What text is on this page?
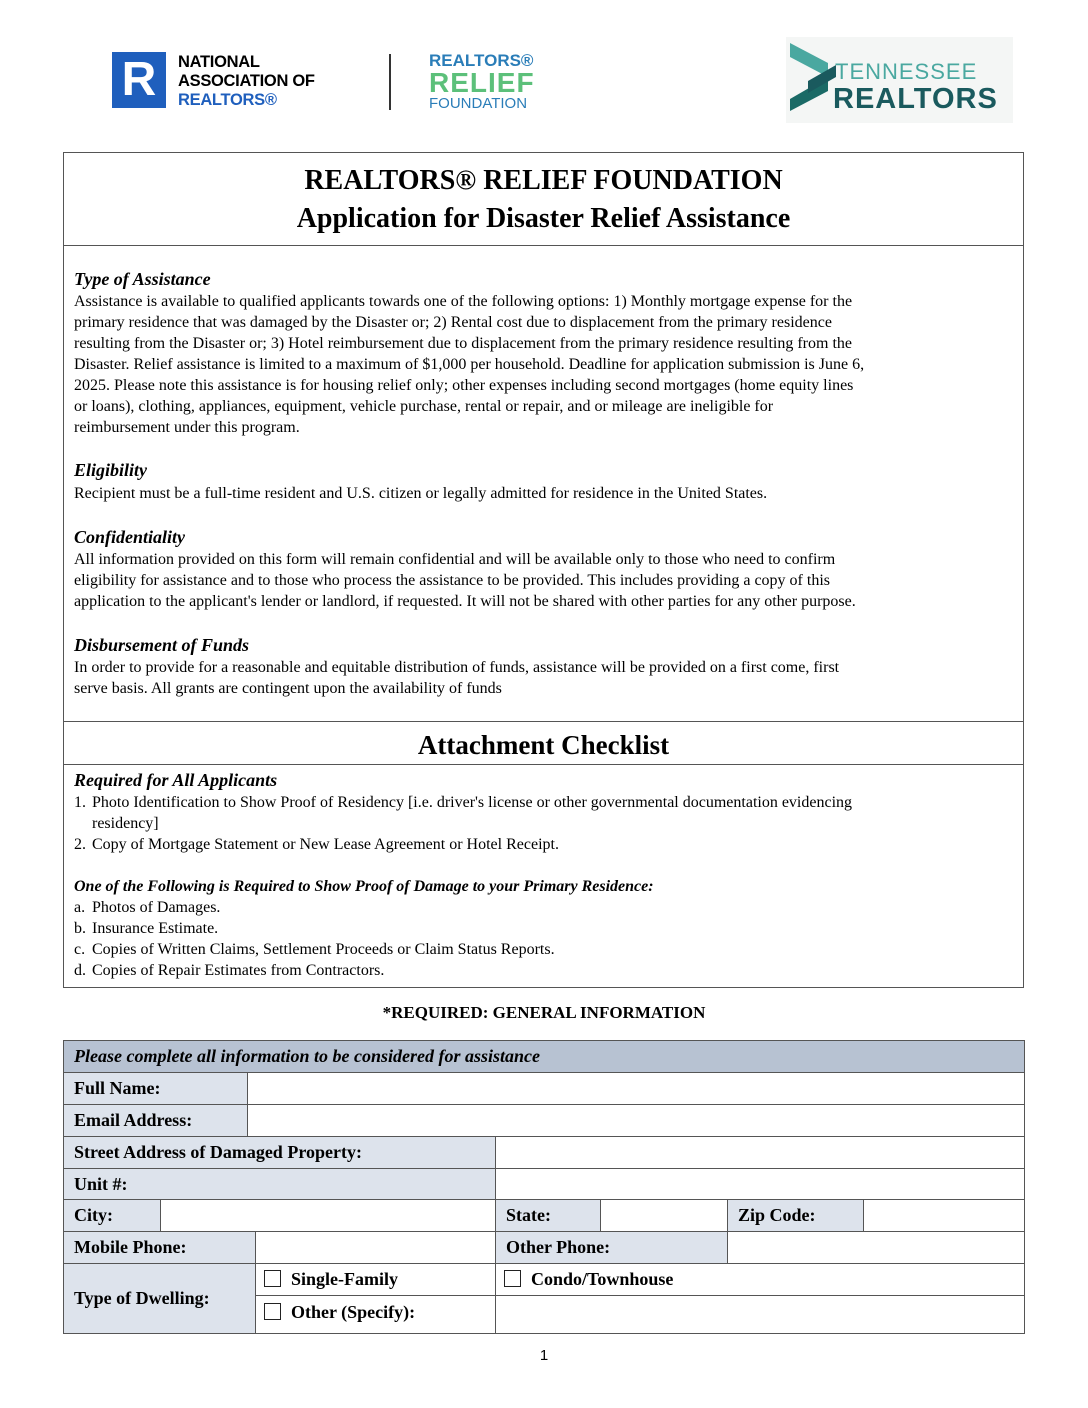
R	NATIONAL
ASSOCIATION OF
REALTORS®
REALTORS®
RELIEF
FOUNDATION
TENNESSEE
REALTORS
REALTORS® RELIEF FOUNDATION
Application for Disaster Relief Assistance
Type of Assistance
Assistance is available to qualified applicants towards one of the following options: 1) Monthly mortgage expense for the
primary residence that was damaged by the Disaster or; 2) Rental cost due to displacement from the primary residence
resulting from the Disaster or; 3) Hotel reimbursement due to displacement from the primary residence resulting from the
Disaster. Relief assistance is limited to a maximum of $1,000 per household. Deadline for application submission is June 6,
2025. Please note this assistance is for housing relief only; other expenses including second mortgages (home equity lines
or loans), clothing, appliances, equipment, vehicle purchase, rental or repair, and or mileage are ineligible for
reimbursement under this program.
Eligibility
Recipient must be a full-time resident and U.S. citizen or legally admitted for residence in the United States.
Confidentiality
All information provided on this form will remain confidential and will be available only to those who need to confirm
eligibility for assistance and to those who process the assistance to be provided. This includes providing a copy of this
application to the applicant's lender or landlord, if requested. It will not be shared with other parties for any other purpose.
Disbursement of Funds
In order to provide for a reasonable and equitable distribution of funds, assistance will be provided on a first come, first
serve basis. All grants are contingent upon the availability of funds
Attachment Checklist
Required for All Applicants
1. Photo Identification to Show Proof of Residency [i.e. driver's license or other governmental documentation evidencing
residency]
2. Copy of Mortgage Statement or New Lease Agreement or Hotel Receipt.
One of the Following is Required to Show Proof of Damage to your Primary Residence:
a. Photos of Damages.
b. Insurance Estimate.
c. Copies of Written Claims, Settlement Proceeds or Claim Status Reports.
d. Copies of Repair Estimates from Contractors.
*REQUIRED: GENERAL INFORMATION
Please complete all information to be considered for assistance
Full Name:
Email Address:
Street Address of Damaged Property:
Unit #:
City:	State:	Zip Code:
Mobile Phone:	Other Phone:
Type of Dwelling:
Single-Family	Condo/Townhouse
Other (Specify):
1
